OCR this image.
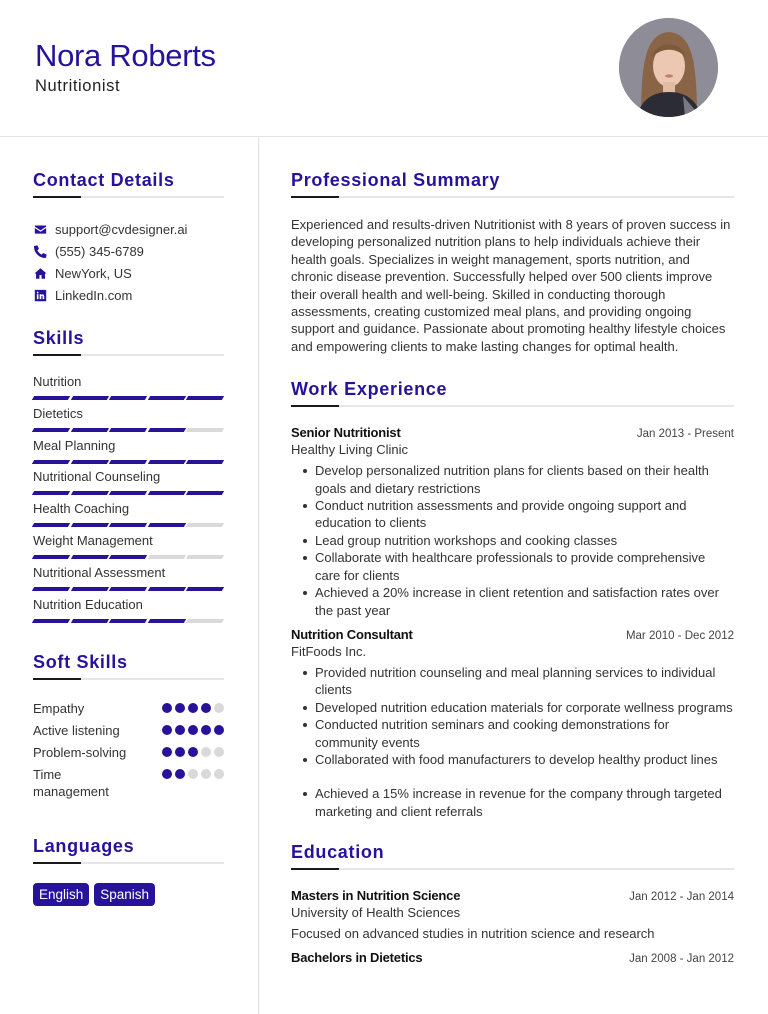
Nora Roberts
Nutritionist
Contact Details
support@cvdesigner.ai
(555) 345-6789
NewYork, US
LinkedIn.com
Skills
Nutrition
Dietetics
Meal Planning
Nutritional Counseling
Health Coaching
Weight Management
Nutritional Assessment
Nutrition Education
Soft Skills
Empathy
Active listening
Problem-solving
Time management
Languages
English	Spanish
Professional Summary

Experienced and results-driven Nutritionist with 8 years of proven success in developing personalized nutrition plans to help individuals achieve their health goals. Specializes in weight management, sports nutrition, and chronic disease prevention. Successfully helped over 500 clients improve their overall health and well-being. Skilled in conducting thorough assessments, creating customized meal plans, and providing ongoing support and guidance. Passionate about promoting healthy lifestyle choices and empowering clients to make lasting changes for optimal health.

Work Experience
Senior Nutritionist	Jan 2013 - Present
Healthy Living Clinic
Develop personalized nutrition plans for clients based on their health goals and dietary restrictions
Conduct nutrition assessments and provide ongoing support and education to clients
Lead group nutrition workshops and cooking classes
Collaborate with healthcare professionals to provide comprehensive care for clients
Achieved a 20% increase in client retention and satisfaction rates over the past year
Nutrition Consultant	Mar 2010 - Dec 2012
FitFoods Inc.
Provided nutrition counseling and meal planning services to individual clients
Developed nutrition education materials for corporate wellness programs
Conducted nutrition seminars and cooking demonstrations for community events
Collaborated with food manufacturers to develop healthy product lines
Achieved a 15% increase in revenue for the company through targeted marketing and client referrals
Education
Masters in Nutrition Science	Jan 2012 - Jan 2014
University of Health Sciences
Focused on advanced studies in nutrition science and research
Bachelors in Dietetics	Jan 2008 - Jan 2012
